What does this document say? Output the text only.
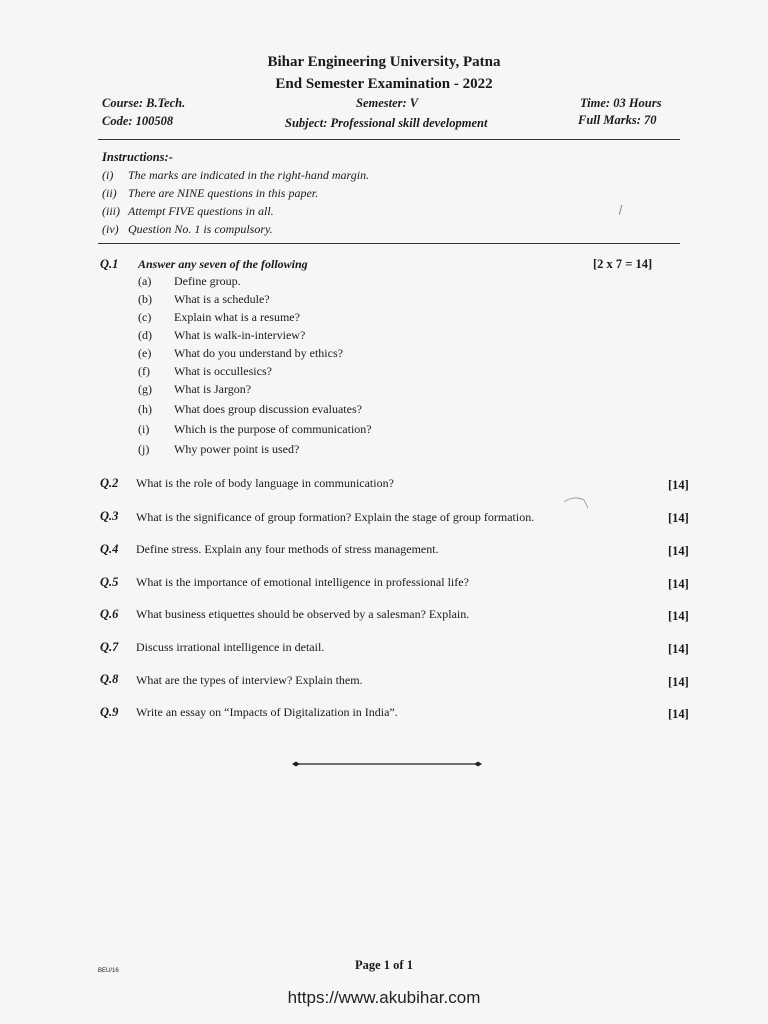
Bihar Engineering University, Patna
End Semester Examination - 2022
Course: B.Tech.	Semester: V	Time: 03 Hours
Code: 100508	Subject: Professional skill development	Full Marks: 70
Instructions:-
(i) The marks are indicated in the right-hand margin.
(ii) There are NINE questions in this paper.
(iii) Attempt FIVE questions in all.
(iv) Question No. 1 is compulsory.
Q.1 Answer any seven of the following	[2 x 7 = 14]
(a) Define group.
(b) What is a schedule?
(c) Explain what is a resume?
(d) What is walk-in-interview?
(e) What do you understand by ethics?
(f) What is occullesics?
(g) What is Jargon?
(h) What does group discussion evaluates?
(i) Which is the purpose of communication?
(j) Why power point is used?
Q.2 What is the role of body language in communication?	[14]
Q.3 What is the significance of group formation? Explain the stage of group formation.	[14]
Q.4 Define stress. Explain any four methods of stress management.	[14]
Q.5 What is the importance of emotional intelligence in professional life?	[14]
Q.6 What business etiquettes should be observed by a salesman? Explain.	[14]
Q.7 Discuss irrational intelligence in detail.	[14]
Q.8 What are the types of interview? Explain them.	[14]
Q.9 Write an essay on “Impacts of Digitalization in India”.	[14]
Page 1 of 1
BEU/16
https://www.akubihar.com
